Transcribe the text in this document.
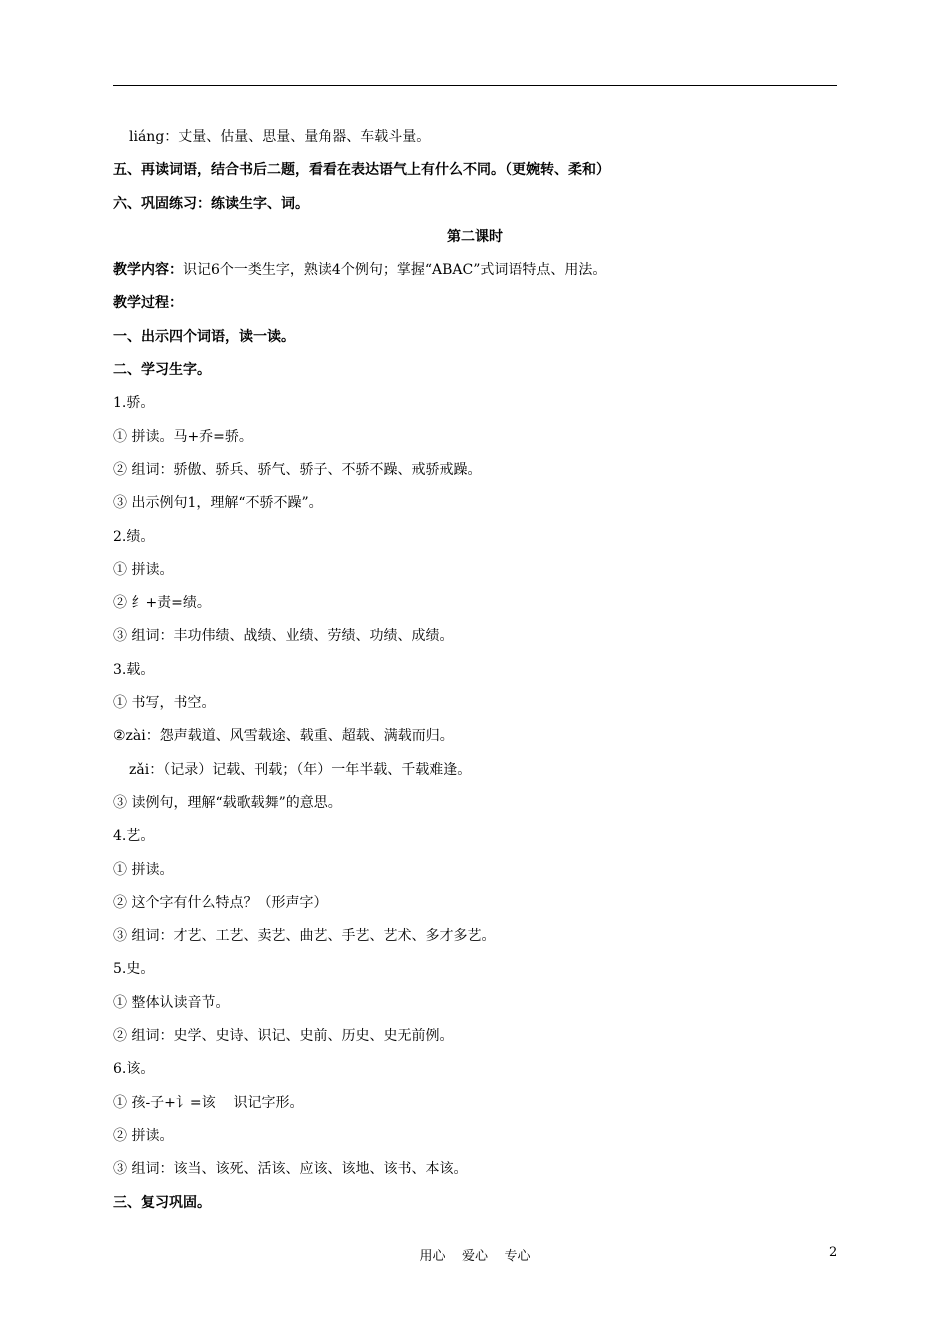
liáng：丈量、估量、思量、量角器、车载斗量。
五、再读词语，结合书后二题，看看在表达语气上有什么不同。（更婉转、柔和）
六、巩固练习：练读生字、词。
第二课时
教学内容：识记6个一类生字，熟读4个例句；掌握“ABAC”式词语特点、用法。
教学过程：
一、出示四个词语，读一读。
二、学习生字。
1.骄。
① 拼读。马+乔=骄。
② 组词：骄傲、骄兵、骄气、骄子、不骄不躁、戒骄戒躁。
③ 出示例句1，理解“不骄不躁”。
2.绩。
① 拼读。
② 纟+责=绩。
③ 组词：丰功伟绩、战绩、业绩、劳绩、功绩、成绩。
3.载。
① 书写，书空。
②zài：怨声载道、风雪载途、载重、超载、满载而归。
zǎi：（记录）记载、刊载；（年）一年半载、千载难逢。
③ 读例句，理解“载歌载舞”的意思。
4.艺。
① 拼读。
② 这个字有什么特点？（形声字）
③ 组词：才艺、工艺、卖艺、曲艺、手艺、艺术、多才多艺。
5.史。
① 整体认读音节。
② 组词：史学、史诗、识记、史前、历史、史无前例。
6.该。
① 孩-子+讠=该    识记字形。
② 拼读。
③ 组词：该当、该死、活该、应该、该地、该书、本该。
三、复习巩固。
用心    爱心    专心	2
